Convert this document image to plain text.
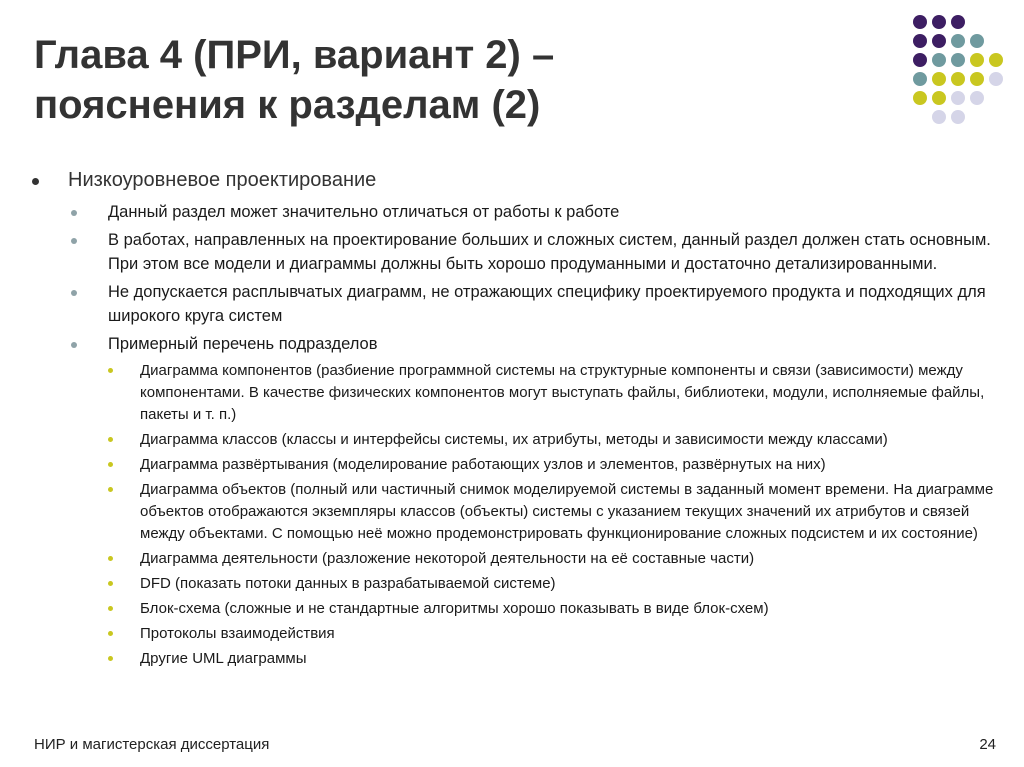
Глава 4 (ПРИ, вариант 2) –
пояснения к разделам (2)
Низкоуровневое проектирование
Данный раздел может значительно отличаться от работы к работе
В работах, направленных на проектирование больших и сложных систем, данный раздел должен стать основным. При этом все модели и диаграммы должны быть хорошо продуманными и достаточно детализированными.
Не допускается расплывчатых диаграмм, не отражающих специфику проектируемого продукта и подходящих для широкого круга систем
Примерный перечень подразделов
Диаграмма компонентов (разбиение программной системы на структурные компоненты и связи (зависимости) между компонентами. В качестве физических компонентов могут выступать файлы, библиотеки, модули, исполняемые файлы, пакеты и т. п.)
Диаграмма классов (классы и интерфейсы системы, их атрибуты, методы и зависимости между классами)
Диаграмма развёртывания (моделирование работающих узлов и элементов, развёрнутых на них)
Диаграмма объектов (полный или частичный снимок моделируемой системы в заданный момент времени. На диаграмме объектов отображаются экземпляры классов (объекты) системы с указанием текущих значений их атрибутов и связей между объектами. С помощью неё можно продемонстрировать функционирование сложных подсистем и их состояние)
Диаграмма деятельности (разложение некоторой деятельности на её составные части)
DFD (показать потоки данных в разрабатываемой системе)
Блок-схема (сложные и не стандартные алгоритмы хорошо показывать в виде блок-схем)
Протоколы взаимодействия
Другие UML диаграммы
НИР и магистерская диссертация	24
